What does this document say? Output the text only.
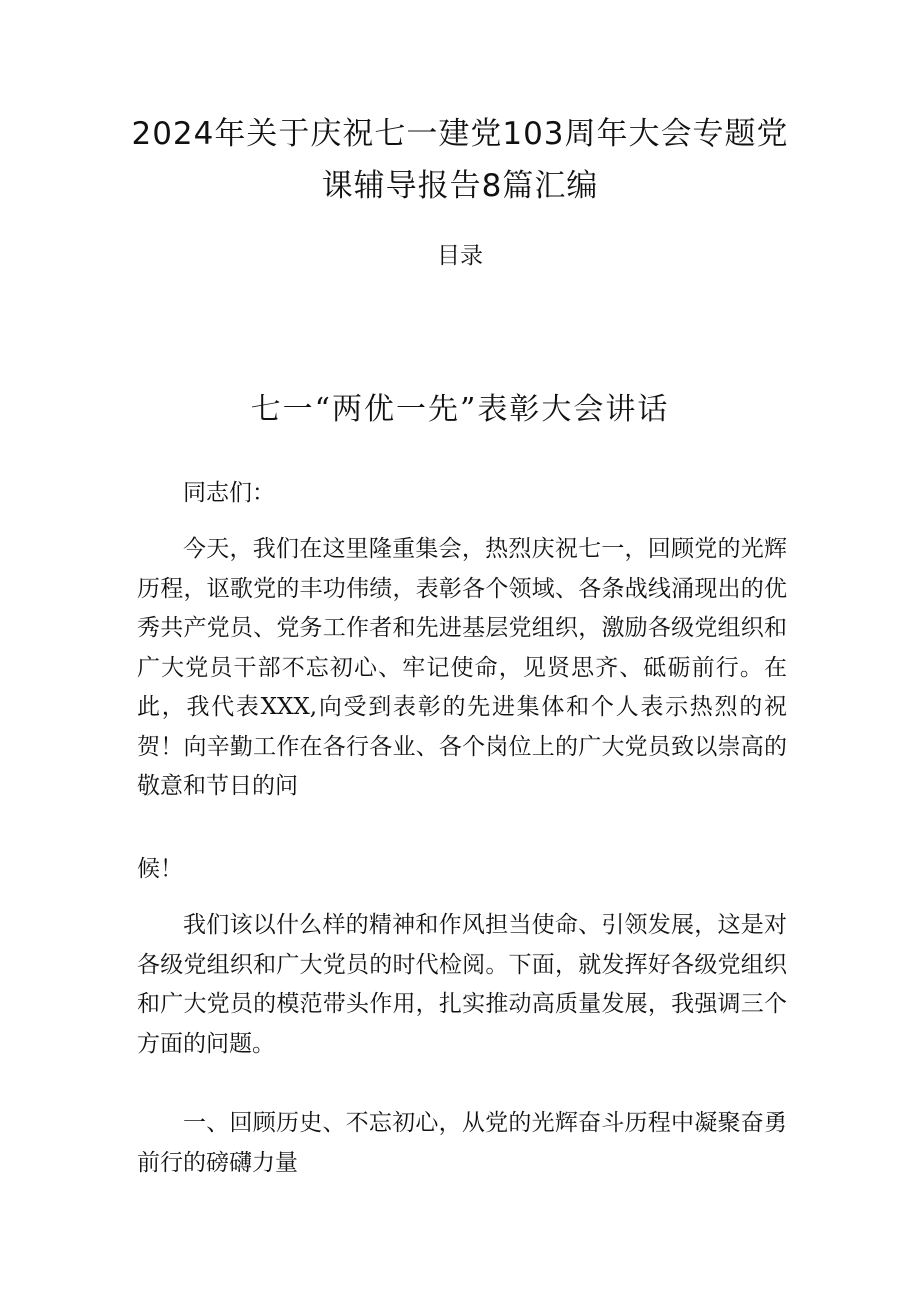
2024年关于庆祝七一建党103周年大会专题党课辅导报告8篇汇编
目录
七一“两优一先”表彰大会讲话

同志们：

今天，我们在这里隆重集会，热烈庆祝七一，回顾党的光辉历程，讴歌党的丰功伟绩，表彰各个领域、各条战线涌现出的优秀共产党员、党务工作者和先进基层党组织，激励各级党组织和广大党员干部不忘初心、牢记使命，见贤思齐、砥砺前行。在此，我代表XXX,向受到表彰的先进集体和个人表示热烈的祝贺！向辛勤工作在各行各业、各个岗位上的广大党员致以崇高的敬意和节日的问

候！

我们该以什么样的精神和作风担当使命、引领发展，这是对各级党组织和广大党员的时代检阅。下面，就发挥好各级党组织和广大党员的模范带头作用，扎实推动高质量发展，我强调三个方面的问题。

一、回顾历史、不忘初心，从党的光辉奋斗历程中凝聚奋勇前行的磅礴力量
